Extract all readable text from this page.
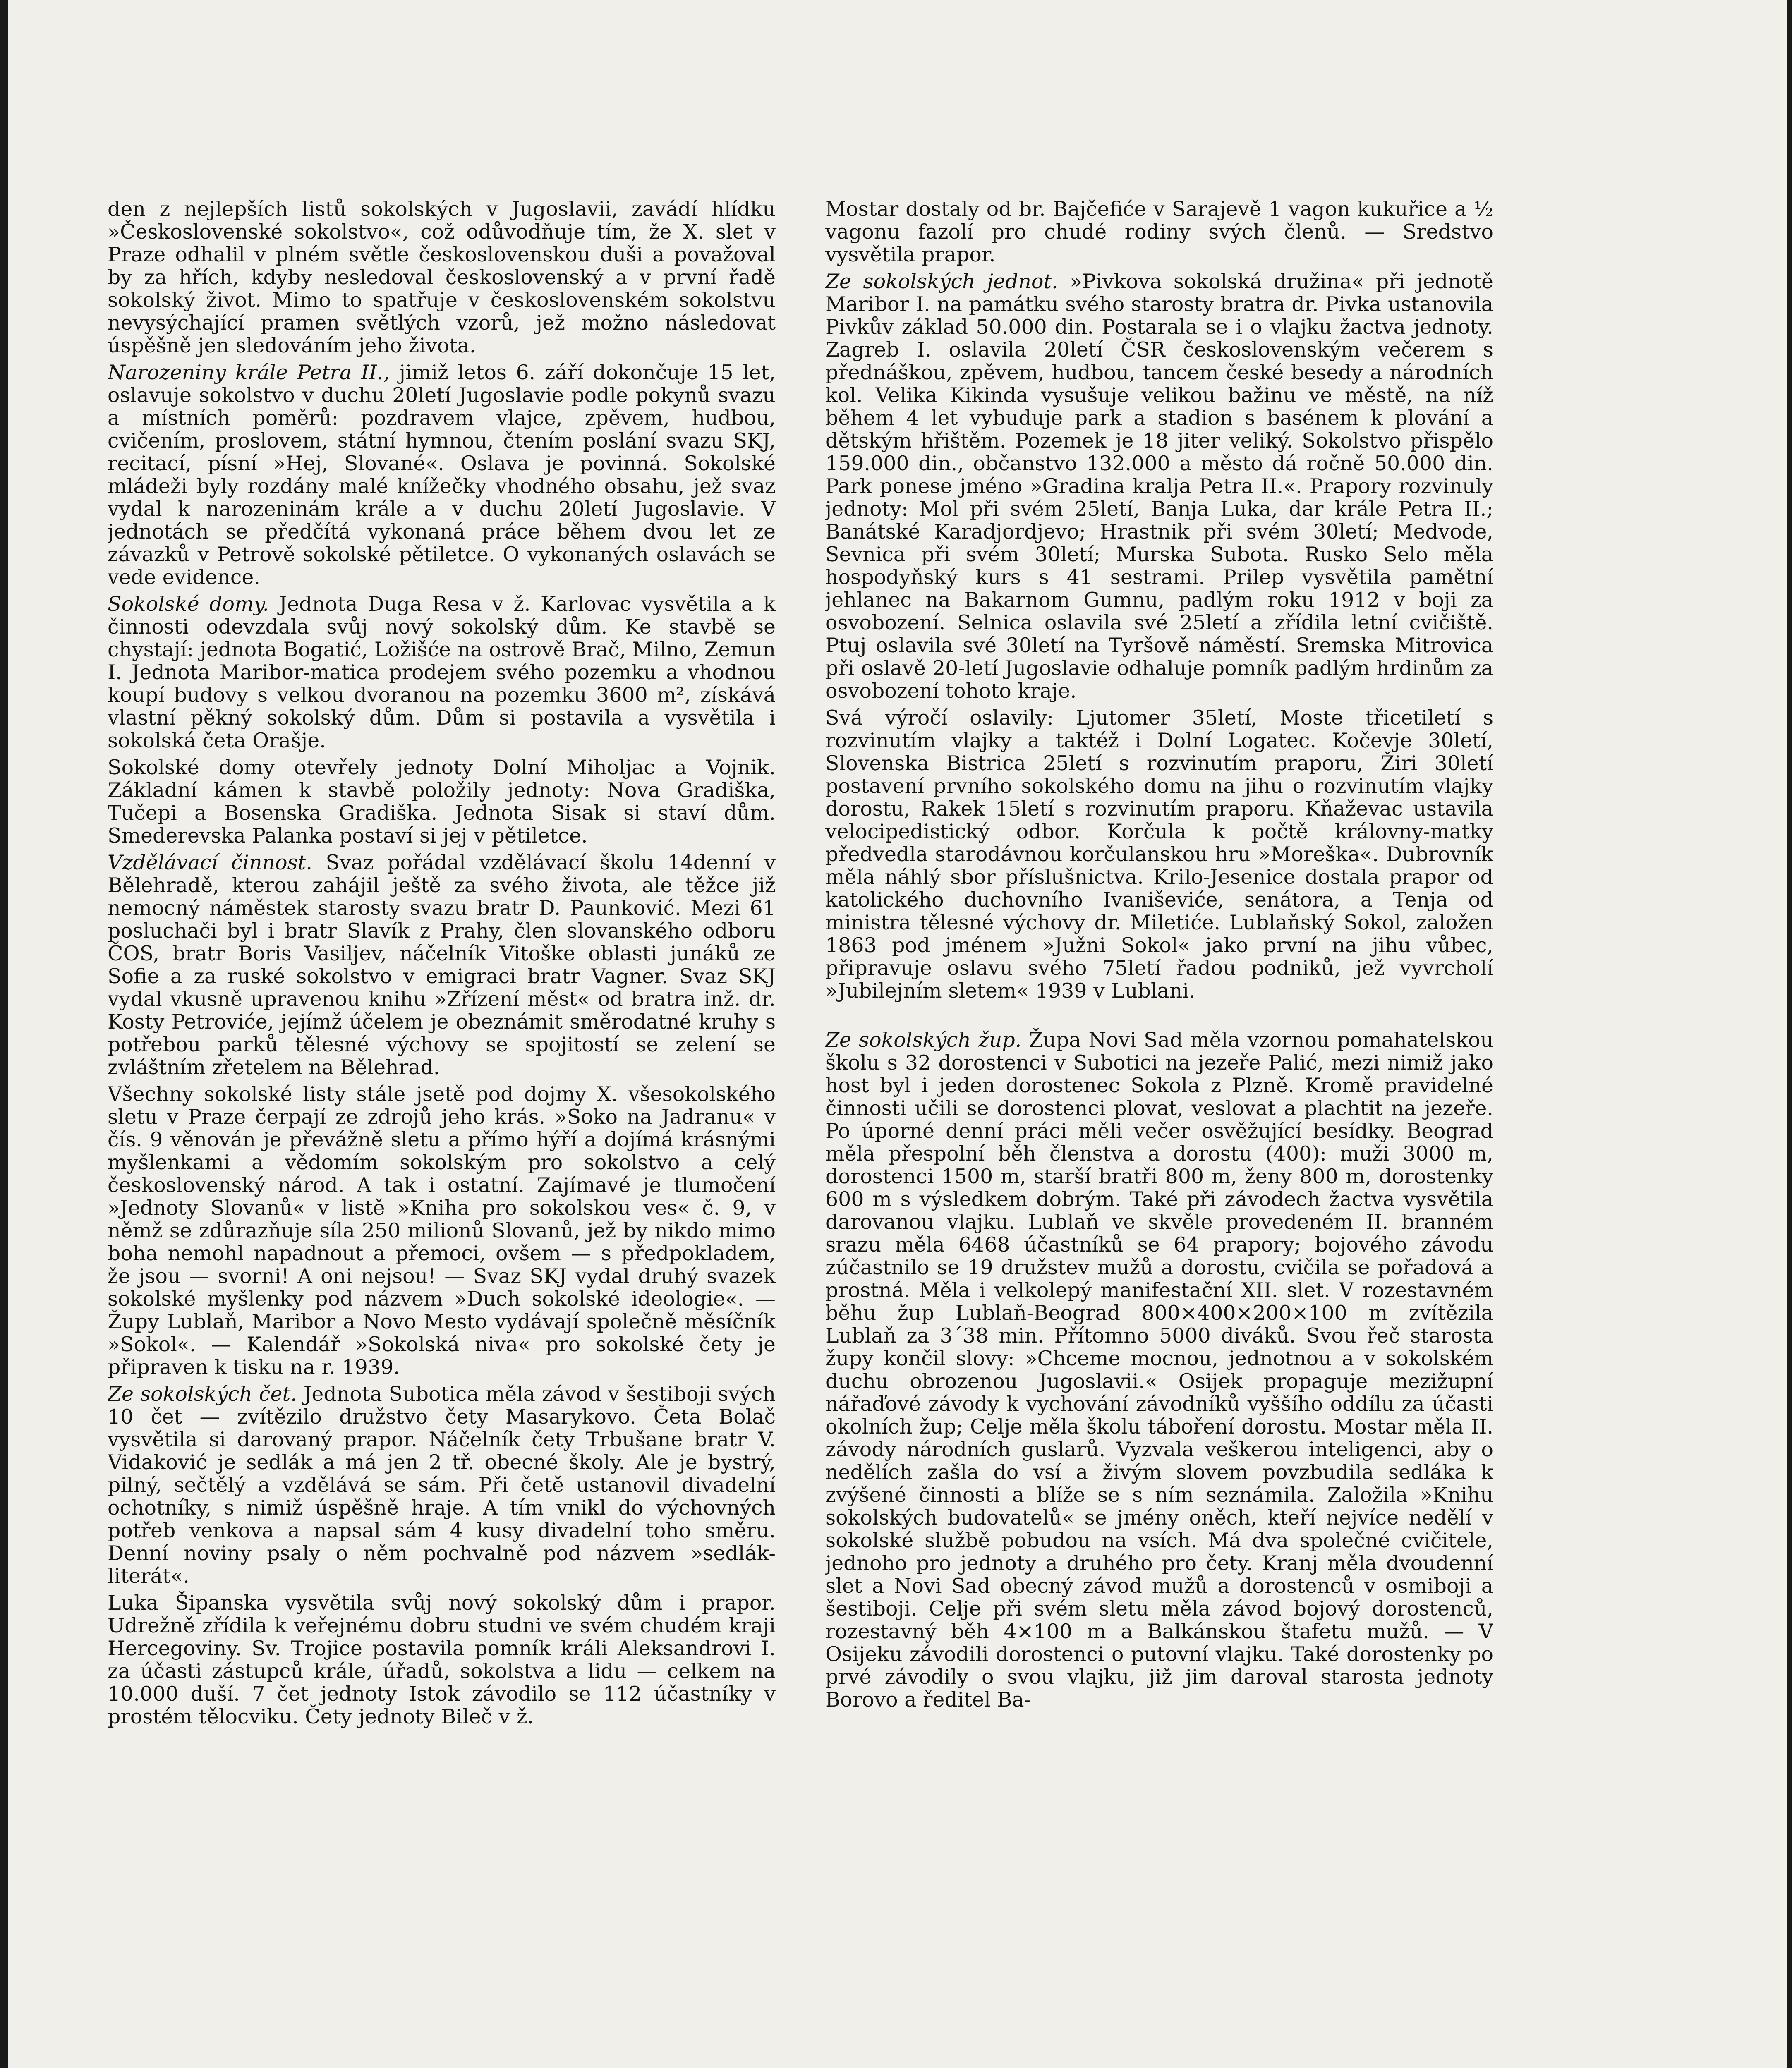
den z nejlepších listů sokolských v Jugoslavii, zavádí hlídku »Československé sokolstvo«, což odůvodňuje tím, že X. slet v Praze odhalil v plném světle československou duši a považoval by za hřích, kdyby nesledoval československý a v první řadě sokolský život. Mimo to spatřuje v československém sokolstvu nevysýchající pramen světlých vzorů, jež možno následovat úspěšně jen sledováním jeho života.

Narozeniny krále Petra II., jimiž letos 6. září dokončuje 15 let, oslavuje sokolstvo v duchu 20letí Jugoslavie podle pokynů svazu a místních poměrů: pozdravem vlajce, zpěvem, hudbou, cvičením, proslovem, státní hymnou, čtením poslání svazu SKJ, recitací, písní »Hej, Slované«. Oslava je povinná. Sokolské mládeži byly rozdány malé knížečky vhodného obsahu, jež svaz vydal k narozeninám krále a v duchu 20letí Jugoslavie. V jednotách se předčítá vykonaná práce během dvou let ze závazků v Petrově sokolské pětiletce. O vykonaných oslavách se vede evidence.

Sokolské domy. Jednota Duga Resa v ž. Karlovac vysvětila a k činnosti odevzdala svůj nový sokolský dům. Ke stavbě se chystají: jednota Bogatić, Ložišće na ostrově Brač, Milno, Zemun I. Jednota Maribor-matica prodejem svého pozemku a vhodnou koupí budovy s velkou dvoranou na pozemku 3600 m², získává vlastní pěkný sokolský dům. Dům si postavila a vysvětila i sokolská četa Orašje.

Sokolské domy otevřely jednoty Dolní Miholjac a Vojnik. Základní kámen k stavbě položily jednoty: Nova Gradiška, Tučepi a Bosenska Gradiška. Jednota Sisak si staví dům. Smederevska Palanka postaví si jej v pětiletce.

Vzdělávací činnost. Svaz pořádal vzdělávací školu 14denní v Bělehradě, kterou zahájil ještě za svého života, ale těžce již nemocný náměstek starosty svazu bratr D. Paunković. Mezi 61 posluchači byl i bratr Slavík z Prahy, člen slovanského odboru ČOS, bratr Boris Vasiljev, náčelník Vitoške oblasti junáků ze Sofie a za ruské sokolstvo v emigraci bratr Vagner. Svaz SKJ vydal vkusně upravenou knihu »Zřízení měst« od bratra inž. dr. Kosty Petroviće, jejímž účelem je obeznámit směrodatné kruhy s potřebou parků tělesné výchovy se spojitostí se zelení se zvláštním zřetelem na Bělehrad.

Všechny sokolské listy stále jsetě pod dojmy X. všesokolského sletu v Praze čerpají ze zdrojů jeho krás. »Soko na Jadranu« v čís. 9 věnován je převážně sletu a přímo hýří a dojímá krásnými myšlenkami a vědomím sokolským pro sokolstvo a celý československý národ. A tak i ostatní. Zajímavé je tlumočení »Jednoty Slovanů« v listě »Kniha pro sokolskou ves« č. 9, v němž se zdůrazňuje síla 250 milionů Slovanů, jež by nikdo mimo boha nemohl napadnout a přemoci, ovšem — s předpokladem, že jsou — svorni! A oni nejsou! — Svaz SKJ vydal druhý svazek sokolské myšlenky pod názvem »Duch sokolské ideologie«. — Župy Lublaň, Maribor a Novo Mesto vydávají společně měsíčník »Sokol«. — Kalendář »Sokolská niva« pro sokolské čety je připraven k tisku na r. 1939.

Ze sokolských čet. Jednota Subotica měla závod v šestiboji svých 10 čet — zvítězilo družstvo čety Masarykovo. Četa Bolač vysvětila si darovaný prapor. Náčelník čety Trbušane bratr V. Vidaković je sedlák a má jen 2 tř. obecné školy. Ale je bystrý, pilný, sečtělý a vzdělává se sám. Při četě ustanovil divadelní ochotníky, s nimiž úspěšně hraje. A tím vnikl do výchovných potřeb venkova a napsal sám 4 kusy divadelní toho směru. Denní noviny psaly o něm pochvalně pod názvem »sedlák-literát«.

Luka Šipanska vysvětila svůj nový sokolský dům i prapor. Udrežně zřídila k veřejnému dobru studni ve svém chudém kraji Hercegoviny. Sv. Trojice postavila pomník králi Aleksandrovi I. za účasti zástupců krále, úřadů, sokolstva a lidu — celkem na 10.000 duší. 7 čet jednoty Istok závodilo se 112 účastníky v prostém tělocviku. Čety jednoty Bileč v ž.

Mostar dostaly od br. Bajčefiće v Sarajevě 1 vagon kukuřice a ½ vagonu fazolí pro chudé rodiny svých členů. — Sredstvo vysvětila prapor.

Ze sokolských jednot. »Pivkova sokolská družina« při jednotě Maribor I. na památku svého starosty bratra dr. Pivka ustanovila Pivkův základ 50.000 din. Postarala se i o vlajku žactva jednoty. Zagreb I. oslavila 20letí ČSR československým večerem s přednáškou, zpěvem, hudbou, tancem české besedy a národních kol. Velika Kikinda vysušuje velikou bažinu ve městě, na níž během 4 let vybuduje park a stadion s basénem k plování a dětským hřištěm. Pozemek je 18 jiter veliký. Sokolstvo přispělo 159.000 din., občanstvo 132.000 a město dá ročně 50.000 din. Park ponese jméno »Gradina kralja Petra II.«. Prapory rozvinuly jednoty: Mol při svém 25letí, Banja Luka, dar krále Petra II.; Banátské Karadjordjevo; Hrastnik při svém 30letí; Medvode, Sevnica při svém 30letí; Murska Subota. Rusko Selo měla hospodyňský kurs s 41 sestrami. Prilep vysvětila pamětní jehlanec na Bakarnom Gumnu, padlým roku 1912 v boji za osvobození. Selnica oslavila své 25letí a zřídila letní cvičiště. Ptuj oslavila své 30letí na Tyršově náměstí. Sremska Mitrovica při oslavě 20-letí Jugoslavie odhaluje pomník padlým hrdinům za osvobození tohoto kraje.

Svá výročí oslavily: Ljutomer 35letí, Moste třicetiletí s rozvinutím vlajky a taktéž i Dolní Logatec. Kočevje 30letí, Slovenska Bistrica 25letí s rozvinutím praporu, Žiri 30letí postavení prvního sokolského domu na jihu o rozvinutím vlajky dorostu, Rakek 15letí s rozvinutím praporu. Kňaževac ustavila velocipedistický odbor. Korčula k počtě královny-matky předvedla starodávnou korčulanskou hru »Moreška«. Dubrovník měla náhlý sbor příslušnictva. Krilo-Jesenice dostala prapor od katolického duchovního Ivaniševiće, senátora, a Tenja od ministra tělesné výchovy dr. Miletiće. Lublaňský Sokol, založen 1863 pod jménem »Južni Sokol« jako první na jihu vůbec, připravuje oslavu svého 75letí řadou podniků, jež vyvrcholí »Jubilejním sletem« 1939 v Lublani.

Ze sokolských žup. Župa Novi Sad měla vzornou pomahatelskou školu s 32 dorostenci v Subotici na jezeře Palić, mezi nimiž jako host byl i jeden dorostenec Sokola z Plzně. Kromě pravidelné činnosti učili se dorostenci plovat, veslovat a plachtit na jezeře. Po úporné denní práci měli večer osvěžující besídky. Beograd měla přespolní běh členstva a dorostu (400): muži 3000 m, dorostenci 1500 m, starší bratři 800 m, ženy 800 m, dorostenky 600 m s výsledkem dobrým. Také při závodech žactva vysvětila darovanou vlajku. Lublaň ve skvěle provedeném II. branném srazu měla 6468 účastníků se 64 prapory; bojového závodu zúčastnilo se 19 družstev mužů a dorostu, cvičila se pořadová a prostná. Měla i velkolepý manifestační XII. slet. V rozestavném běhu žup Lublaň-Beograd 800×400×200×100 m zvítězila Lublaň za 3´38 min. Přítomno 5000 diváků. Svou řeč starosta župy končil slovy: »Chceme mocnou, jednotnou a v sokolském duchu obrozenou Jugoslavii.« Osijek propaguje mezižupní nářaďové závody k vychování závodníků vyššího oddílu za účasti okolních žup; Celje měla školu táboření dorostu. Mostar měla II. závody národních guslarů. Vyzvala veškerou inteligenci, aby o nedělích zašla do vsí a živým slovem povzbudila sedláka k zvýšené činnosti a blíže se s ním seznámila. Založila »Knihu sokolských budovatelů« se jmény oněch, kteří nejvíce nedělí v sokolské službě pobudou na vsích. Má dva společné cvičitele, jednoho pro jednoty a druhého pro čety. Kranj měla dvoudenní slet a Novi Sad obecný závod mužů a dorostenců v osmiboji a šestiboji. Celje při svém sletu měla závod bojový dorostenců, rozestavný běh 4×100 m a Balkánskou štafetu mužů. — V Osijeku závodili dorostenci o putovní vlajku. Také dorostenky po prvé závodily o svou vlajku, již jim daroval starosta jednoty Borovo a ředitel Ba-
